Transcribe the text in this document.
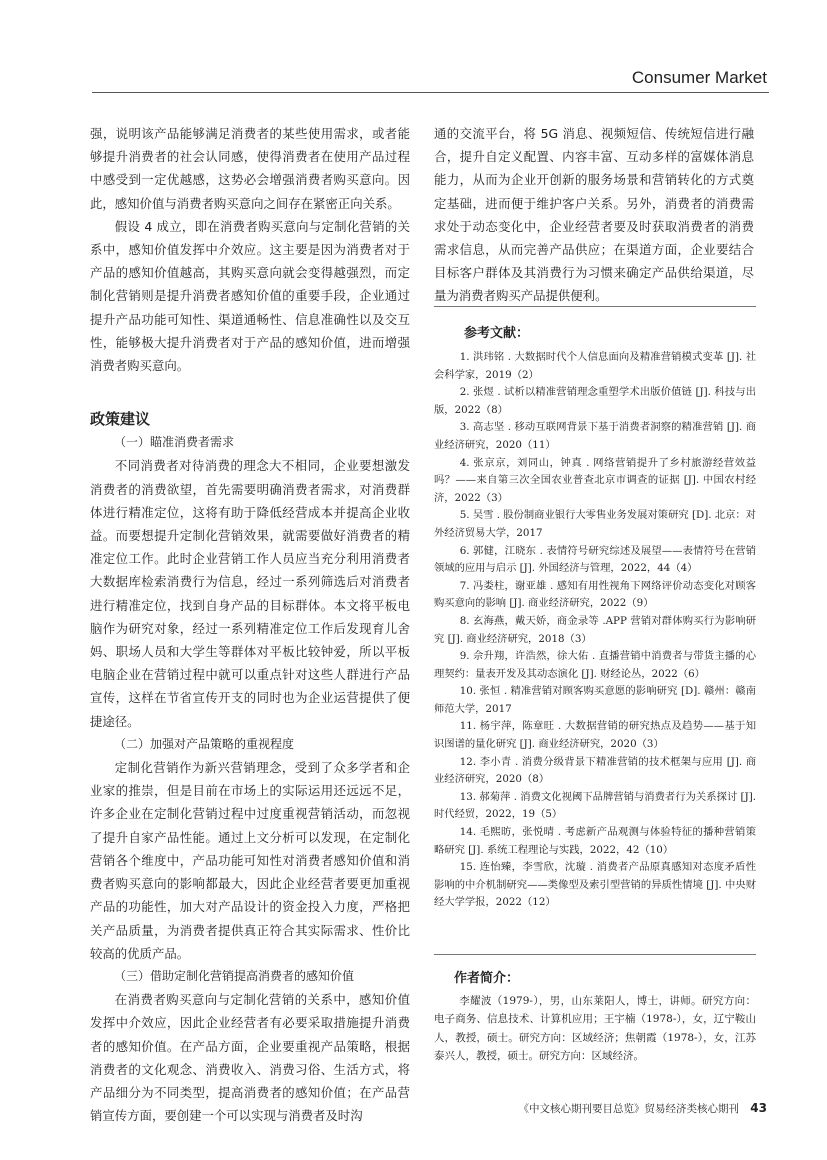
Consumer Market

强，说明该产品能够满足消费者的某些使用需求，或者能够提升消费者的社会认同感，使得消费者在使用产品过程中感受到一定优越感，这势必会增强消费者购买意向。因此，感知价值与消费者购买意向之间存在紧密正向关系。

假设 4 成立，即在消费者购买意向与定制化营销的关系中，感知价值发挥中介效应。这主要是因为消费者对于产品的感知价值越高，其购买意向就会变得越强烈，而定制化营销则是提升消费者感知价值的重要手段，企业通过提升产品功能可知性、渠道通畅性、信息准确性以及交互性，能够极大提升消费者对于产品的感知价值，进而增强消费者购买意向。

政策建议

（一）瞄准消费者需求

不同消费者对待消费的理念大不相同，企业要想激发消费者的消费欲望，首先需要明确消费者需求，对消费群体进行精准定位，这将有助于降低经营成本并提高企业收益。而要想提升定制化营销效果，就需要做好消费者的精准定位工作。此时企业营销工作人员应当充分利用消费者大数据库检索消费行为信息，经过一系列筛选后对消费者进行精准定位，找到自身产品的目标群体。本文将平板电脑作为研究对象，经过一系列精准定位工作后发现育儿舍妈、职场人员和大学生等群体对平板比较钟爱，所以平板电脑企业在营销过程中就可以重点针对这些人群进行产品宣传，这样在节省宣传开支的同时也为企业运营提供了便捷途径。

（二）加强对产品策略的重视程度

定制化营销作为新兴营销理念，受到了众多学者和企业家的推崇，但是目前在市场上的实际运用还远远不足，许多企业在定制化营销过程中过度重视营销活动，而忽视了提升自家产品性能。通过上文分析可以发现，在定制化营销各个维度中，产品功能可知性对消费者感知价值和消费者购买意向的影响都最大，因此企业经营者要更加重视产品的功能性，加大对产品设计的资金投入力度，严格把关产品质量，为消费者提供真正符合其实际需求、性价比较高的优质产品。

（三）借助定制化营销提高消费者的感知价值

在消费者购买意向与定制化营销的关系中，感知价值发挥中介效应，因此企业经营者有必要采取措施提升消费者的感知价值。在产品方面，企业要重视产品策略，根据消费者的文化观念、消费收入、消费习俗、生活方式，将产品细分为不同类型，提高消费者的感知价值；在产品营销宣传方面，要创建一个可以实现与消费者及时沟

通的交流平台，将 5G 消息、视频短信、传统短信进行融合，提升自定义配置、内容丰富、互动多样的富媒体消息能力，从而为企业开创新的服务场景和营销转化的方式奠定基础，进而便于维护客户关系。另外，消费者的消费需求处于动态变化中，企业经营者要及时获取消费者的消费需求信息，从而完善产品供应；在渠道方面，企业要结合目标客户群体及其消费行为习惯来确定产品供给渠道，尽量为消费者购买产品提供便利。

参考文献：
1. 洪玮铭 . 大数据时代个人信息面向及精准营销模式变革 [J]. 社会科学家，2019（2）
2. 张煜 . 试析以精准营销理念重塑学术出版价值链 [J]. 科技与出版，2022（8）
3. 高志坚 . 移动互联网背景下基于消费者洞察的精准营销 [J]. 商业经济研究，2020（11）
4. 张京京，刘同山，钟真 . 网络营销提升了乡村旅游经营效益吗？——来自第三次全国农业普查北京市调查的证据 [J]. 中国农村经济，2022（3）
5. 吴雪 . 股份制商业银行大零售业务发展对策研究 [D]. 北京：对外经济贸易大学，2017
6. 郭健，江晓东 . 表情符号研究综述及展望——表情符号在营销领域的应用与启示 [J]. 外国经济与管理，2022，44（4）
7. 冯娄柱，谢亚雄 . 感知有用性视角下网络评价动态变化对顾客购买意向的影响 [J]. 商业经济研究，2022（9）
8. 玄海燕，戴天娇，商金录等 .APP 营销对群体购买行为影响研究 [J]. 商业经济研究，2018（3）
9. 佘升翔，许浩然，徐大佑 . 直播营销中消费者与带货主播的心理契约：量表开发及其动态演化 [J]. 财经论丛，2022（6）
10. 张恒 . 精准营销对顾客购买意愿的影响研究 [D]. 赣州：赣南师范大学，2017
11. 杨宇萍，陈章旺 . 大数据营销的研究热点及趋势——基于知识图谱的量化研究 [J]. 商业经济研究，2020（3）
12. 李小青 . 消费分级背景下精准营销的技术框架与应用 [J]. 商业经济研究，2020（8）
13. 郝菊萍 . 消费文化视阈下品牌营销与消费者行为关系探讨 [J]. 时代经贸，2022，19（5）
14. 毛熙昉，张悦晴 . 考虑新产品观测与体验特征的播种营销策略研究 [J]. 系统工程理论与实践，2022，42（10）
15. 连怡臻，李雪欣，沈璇 . 消费者产品原真感知对态度矛盾性影响的中介机制研究——类像型及索引型营销的异质性情境 [J]. 中央财经大学学报，2022（12）
作者简介：
李耀波（1979-），男，山东莱阳人，博士，讲师。研究方向：电子商务、信息技术、计算机应用；王宇楠（1978-），女，辽宁鞍山人，教授，硕士。研究方向：区域经济；焦朝霞（1978-），女，江苏泰兴人，教授，硕士。研究方向：区域经济。
《中文核心期刊要目总览》贸易经济类核心期刊 43
